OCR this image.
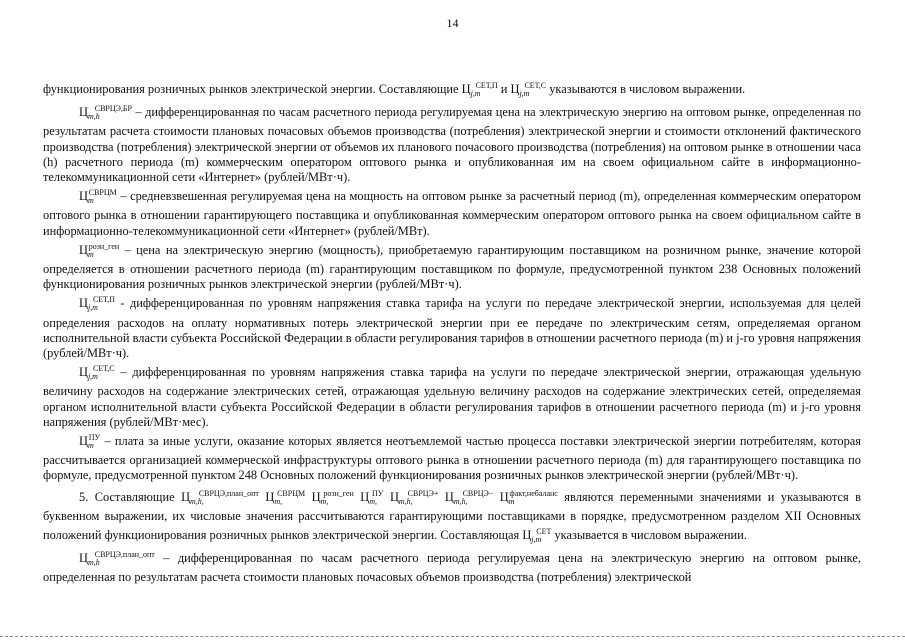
14

функционирования розничных рынков электрической энергии. Составляющие $Ц_{j,m}^{СЕТ,П}$ и $Ц_{j,m}^{СЕТ,С}$ указываются в числовом выражении.

$Ц_{m,h}^{СВРЦЭ,БР}$ – дифференцированная по часам расчетного периода регулируемая цена на электрическую энергию на оптовом рынке, определенная по результатам расчета стоимости плановых почасовых объемов производства (потребления) электрической энергии и стоимости отклонений фактического производства (потребления) электрической энергии от объемов их планового почасового производства (потребления) на оптовом рынке в отношении часа (h) расчетного периода (m) коммерческим оператором оптового рынка и опубликованная им на своем официальном сайте в информационно-телекоммуникационной сети «Интернет» (рублей/МВт·ч).

$Ц_m^{СВРЦМ}$ – средневзвешенная регулируемая цена на мощность на оптовом рынке за расчетный период (m), определенная коммерческим оператором оптового рынка в отношении гарантирующего поставщика и опубликованная коммерческим оператором оптового рынка на своем официальном сайте в информационно-телекоммуникационной сети «Интернет» (рублей/МВт).

$Ц_m^{розн\_ген}$ – цена на электрическую энергию (мощность), приобретаемую гарантирующим поставщиком на розничном рынке, значение которой определяется в отношении расчетного периода (m) гарантирующим поставщиком по формуле, предусмотренной пунктом 238 Основных положений функционирования розничных рынков электрической энергии (рублей/МВт·ч).

$Ц_{j,m}^{СЕТ,П}$ - дифференцированная по уровням напряжения ставка тарифа на услуги по передаче электрической энергии, используемая для целей определения расходов на оплату нормативных потерь электрической энергии при ее передаче по электрическим сетям, определяемая органом исполнительной власти субъекта Российской Федерации в области регулирования тарифов в отношении расчетного периода (m) и j-го уровня напряжения (рублей/МВт·ч).

$Ц_{j,m}^{СЕТ,С}$ – дифференцированная по уровням напряжения ставка тарифа на услуги по передаче электрической энергии, отражающая удельную величину расходов на содержание электрических сетей, отражающая удельную величину расходов на содержание электрических сетей, определяемая органом исполнительной власти субъекта Российской Федерации в области регулирования тарифов в отношении расчетного периода (m) и j-го уровня напряжения (рублей/МВт·мес).

$Ц_m^{ПУ}$ – плата за иные услуги, оказание которых является неотъемлемой частью процесса поставки электрической энергии потребителям, которая рассчитывается организацией коммерческой инфраструктуры оптового рынка в отношении расчетного периода (m) для гарантирующего поставщика по формуле, предусмотренной пунктом 248 Основных положений функционирования розничных рынков электрической энергии (рублей/МВт·ч).

5. Составляющие $Ц_{m,h,}^{СВРЦЭ,план\_опт}$ $Ц_{m,}^{СВРЦМ}$ $Ц_{m,}^{розн\_ген}$ $Ц_{m,}^{ПУ}$ $Ц_{m,h,}^{СВРЦЭ+}$ $Ц_{m,h,}^{СВРЦЭ-}$ $Ц_m^{факт,небаланс}$ являются переменными значениями и указываются в буквенном выражении, их числовые значения рассчитываются гарантирующими поставщиками в порядке, предусмотренном разделом XII Основных положений функционирования розничных рынков электрической энергии. Составляющая $Ц_{j,m}^{СЕТ}$ указывается в числовом выражении.

$Ц_{m,h}^{СВРЦЭ,план\_опт}$ – дифференцированная по часам расчетного периода регулируемая цена на электрическую энергию на оптовом рынке, определенная по результатам расчета стоимости плановых почасовых объемов производства (потребления) электрической
